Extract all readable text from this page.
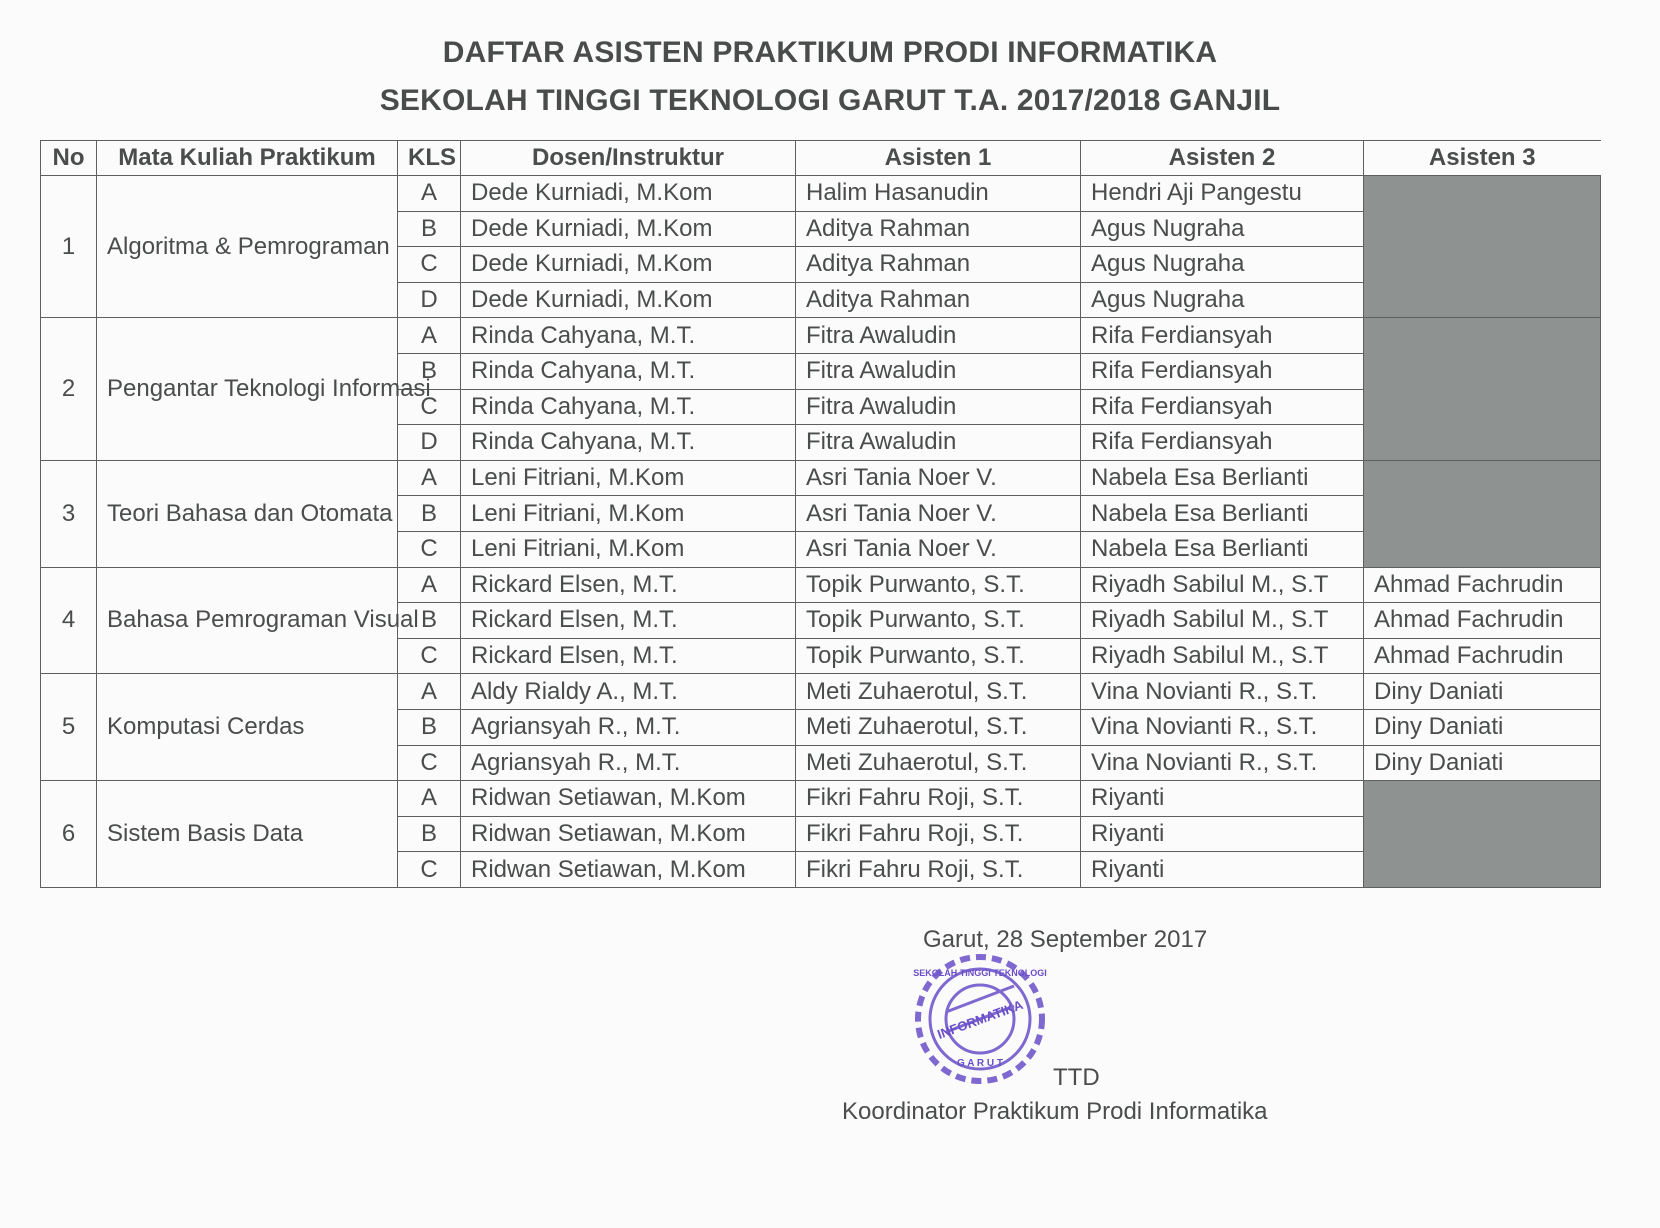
DAFTAR ASISTEN PRAKTIKUM PRODI INFORMATIKA
SEKOLAH TINGGI TEKNOLOGI GARUT T.A. 2017/2018 GANJIL
No	Mata Kuliah Praktikum	KLS	Dosen/Instruktur	Asisten 1	Asisten 2	Asisten 3
1	Algoritma & Pemrograman	A	Dede Kurniadi, M.Kom	Halim Hasanudin	Hendri Aji Pangestu	
		B	Dede Kurniadi, M.Kom	Aditya Rahman	Agus Nugraha	
		C	Dede Kurniadi, M.Kom	Aditya Rahman	Agus Nugraha	
		D	Dede Kurniadi, M.Kom	Aditya Rahman	Agus Nugraha	
2	Pengantar Teknologi Informasi	A	Rinda Cahyana, M.T.	Fitra Awaludin	Rifa Ferdiansyah	
		B	Rinda Cahyana, M.T.	Fitra Awaludin	Rifa Ferdiansyah	
		C	Rinda Cahyana, M.T.	Fitra Awaludin	Rifa Ferdiansyah	
		D	Rinda Cahyana, M.T.	Fitra Awaludin	Rifa Ferdiansyah	
3	Teori Bahasa dan Otomata	A	Leni Fitriani, M.Kom	Asri Tania Noer V.	Nabela Esa Berlianti	
		B	Leni Fitriani, M.Kom	Asri Tania Noer V.	Nabela Esa Berlianti	
		C	Leni Fitriani, M.Kom	Asri Tania Noer V.	Nabela Esa Berlianti	
4	Bahasa Pemrograman Visual	A	Rickard Elsen, M.T.	Topik Purwanto, S.T.	Riyadh Sabilul M., S.T	Ahmad Fachrudin
		B	Rickard Elsen, M.T.	Topik Purwanto, S.T.	Riyadh Sabilul M., S.T	Ahmad Fachrudin
		C	Rickard Elsen, M.T.	Topik Purwanto, S.T.	Riyadh Sabilul M., S.T	Ahmad Fachrudin
5	Komputasi Cerdas	A	Aldy Rialdy A., M.T.	Meti Zuhaerotul, S.T.	Vina Novianti R., S.T.	Diny Daniati
		B	Agriansyah R., M.T.	Meti Zuhaerotul, S.T.	Vina Novianti R., S.T.	Diny Daniati
		C	Agriansyah R., M.T.	Meti Zuhaerotul, S.T.	Vina Novianti R., S.T.	Diny Daniati
6	Sistem Basis Data	A	Ridwan Setiawan, M.Kom	Fikri Fahru Roji, S.T.	Riyanti	
		B	Ridwan Setiawan, M.Kom	Fikri Fahru Roji, S.T.	Riyanti	
		C	Ridwan Setiawan, M.Kom	Fikri Fahru Roji, S.T.	Riyanti	
Garut, 28 September 2017
INFORMATIKA
SEKOLAH TINGGI TEKNOLOGI
G A R U T
TTD
Koordinator Praktikum Prodi Informatika
